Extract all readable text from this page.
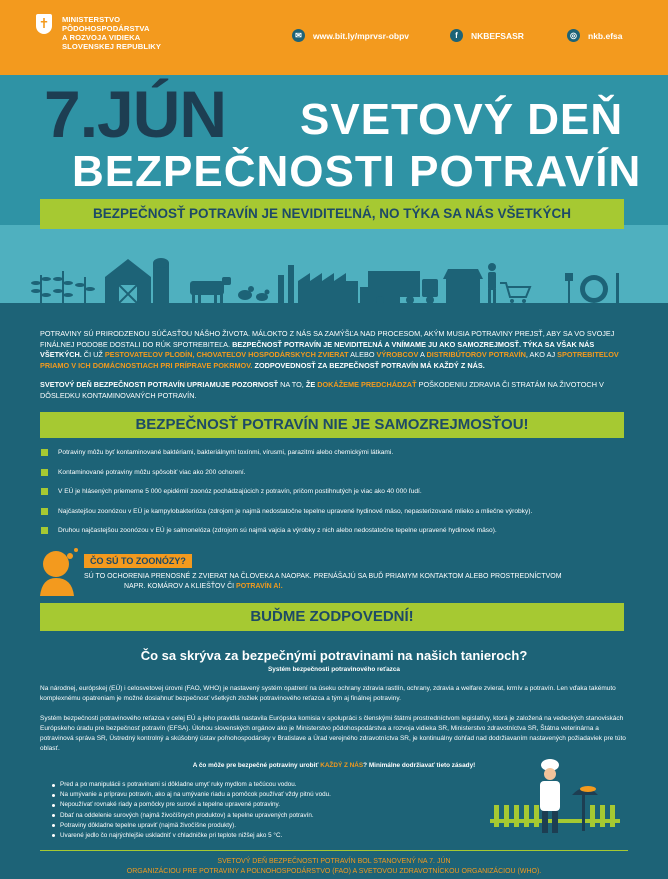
MINISTERSTVO
PÔDOHOSPODÁRSTVA
A ROZVOJA VIDIEKA
SLOVENSKEJ REPUBLIKY
✉	www.bit.ly/mprvsr-obpv	f	NKBEFSASR	◎	nkb.efsa
7.JÚN SVETOVÝ DEŇ
BEZPEČNOSTI POTRAVÍN
BEZPEČNOSŤ POTRAVÍN JE NEVIDITEĽNÁ, NO TÝKA SA NÁS VŠETKÝCH
POTRAVINY SÚ PRIRODZENOU SÚČASŤOU NÁŠHO ŽIVOTA. MÁLOKTO Z NÁS SA ZAMÝŠĽA NAD PROCESOM, AKÝM MUSIA POTRAVINY PREJSŤ, ABY SA VO SVOJEJ FINÁLNEJ PODOBE DOSTALI DO RÚK SPOTREBITEĽA. BEZPEČNOSŤ POTRAVÍN JE NEVIDITEĽNÁ A VNÍMAME JU AKO SAMOZREJMOSŤ. TÝKA SA VŠAK NÁS VŠETKÝCH. ČI UŽ PESTOVATEĽOV PLODÍN, CHOVATEĽOV HOSPODÁRSKYCH ZVIERAT ALEBO VÝROBCOV A DISTRIBÚTOROV POTRAVÍN, AKO AJ SPOTREBITEĽOV PRIAMO V ICH DOMÁCNOSTIACH PRI PRÍPRAVE POKRMOV. ZODPOVEDNOSŤ ZA BEZPEČNOSŤ POTRAVÍN MÁ KAŽDÝ Z NÁS.
SVETOVÝ DEŇ BEZPEČNOSTI POTRAVÍN UPRIAMUJE POZORNOSŤ NA TO, ŽE DOKÁŽEME PREDCHÁDZAŤ POŠKODENIU ZDRAVIA ČI STRATÁM NA ŽIVOTOCH V DÔSLEDKU KONTAMINOVANÝCH POTRAVÍN.
BEZPEČNOSŤ POTRAVÍN NIE JE SAMOZREJMOSŤOU!
Potraviny môžu byť kontaminované baktériami, bakteriálnymi toxínmi, vírusmi, parazitmi alebo chemickými látkami.
Kontaminované potraviny môžu spôsobiť viac ako 200 ochorení.
V EÚ je hlásených priemerne 5 000 epidémií zoonóz pochádzajúcich z potravín, pričom postihnutých je viac ako 40 000 ľudí.
Najčastejšou zoonózou v EÚ je kampylobakterióza (zdrojom je najmä nedostatočne tepelne upravené hydinové mäso, nepasterizované mlieko a mliečne výrobky).
Druhou najčastejšou zoonózou v EÚ je salmonelóza (zdrojom sú najmä vajcia a výrobky z nich alebo nedostatočne tepelne upravené hydinové mäso).
ČO SÚ TO ZOONÓZY?
SÚ TO OCHORENIA PRENOSNÉ Z ZVIERAT NA ČLOVEKA A NAOPAK. PRENÁŠAJÚ SA BUĎ PRIAMYM KONTAKTOM ALEBO PROSTREDNÍCTVOM
NAPR. KOMÁROV A KLIEŠŤOV ČI POTRAVÍN A!.
BUĎME ZODPOVEDNÍ!
Čo sa skrýva za bezpečnými potravinami na našich tanieroch?
Systém bezpečnosti potravinového reťazca
Na národnej, európskej (EÚ) i celosvetovej úrovni (FAO, WHO) je nastavený systém opatrení na úseku ochrany zdravia rastlín, ochrany, zdravia a welfare zvierat, krmív a potravín. Len vďaka takémuto komplexnému opatreniam je možné dosiahnuť bezpečnosť všetkých zložiek potravinového reťazca a tým aj finálnej potraviny.
Systém bezpečnosti potravinového reťazca v celej EÚ a jeho pravidlá nastavila Európska komisia v spolupráci s členskými štátmi prostredníctvom legislatívy, ktorá je založená na vedeckých stanoviskách Európskeho úradu pre bezpečnosť potravín (EFSA). Úlohou slovenských orgánov ako je Ministerstvo pôdohospodárstva a rozvoja vidieka SR, Ministerstvo zdravotníctva SR, Štátna veterinárna a potravinová správa SR, Ústredný kontrolný a skúšobný ústav poľnohospodársky v Bratislave a Úrad verejného zdravotníctva SR, je kontinuálny dohľad nad dodržiavaním nastavených požiadaviek pre túto oblasť.
A čo môže pre bezpečné potraviny urobiť KAŽDÝ Z NÁS? Minimálne dodržiavať tieto zásady!
Pred a po manipulácii s potravinami si dôkladne umyť ruky mydlom a tečúcou vodou.
Na umývanie a prípravu potravín, ako aj na umývanie riadu a pomôcok používať vždy pitnú vodu.
Nepoužívať rovnaké riady a pomôcky pre surové a tepelne upravené potraviny.
Dbať na oddelenie surových (najmä živočíšnych produktov) a tepelne upravených potravín.
Potraviny dôkladne tepelne upraviť (najmä živočíšne produkty).
Uvarené jedlo čo najrýchlejšie uskladniť v chladničke pri teplote nižšej ako 5 °C.
SVETOVÝ DEŇ BEZPEČNOSTI POTRAVÍN BOL STANOVENÝ NA 7. JÚN
ORGANIZÁCIOU PRE POTRAVINY A POĽNOHOSPODÁRSTVO (FAO) A SVETOVOU ZDRAVOTNÍCKOU ORGANIZÁCIOU (WHO).
